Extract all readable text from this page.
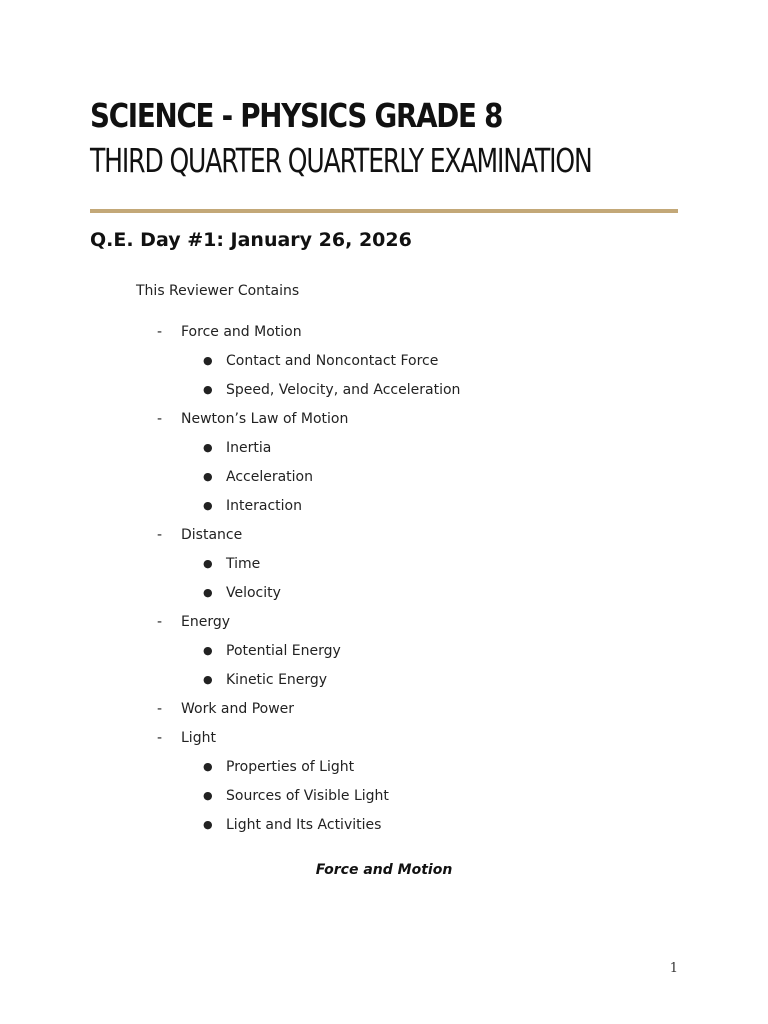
SCIENCE - PHYSICS GRADE 8
THIRD QUARTER QUARTERLY EXAMINATION
Q.E. Day #1: January 26, 2026
This Reviewer Contains
- Force and Motion
● Contact and Noncontact Force
● Speed, Velocity, and Acceleration
- Newton’s Law of Motion
● Inertia
● Acceleration
● Interaction
- Distance
● Time
● Velocity
- Energy
● Potential Energy
● Kinetic Energy
- Work and Power
- Light
● Properties of Light
● Sources of Visible Light
● Light and Its Activities
Force and Motion
1
